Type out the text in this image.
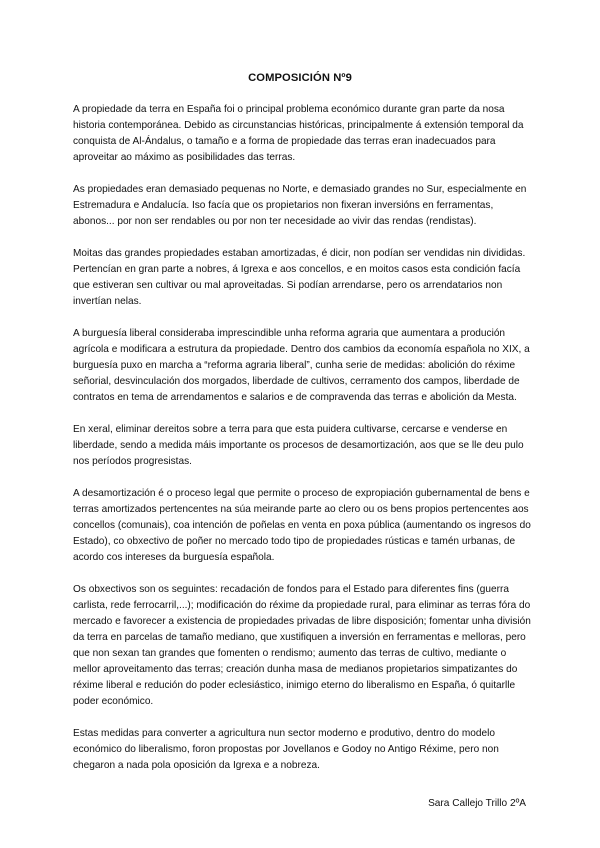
COMPOSICIÓN Nº9

A propiedade da terra en España foi o principal problema económico durante gran parte da nosa historia contemporánea. Debido as circunstancias históricas, principalmente á extensión temporal da conquista de Al-Ándalus, o tamaño e a forma de propiedade das terras eran inadecuados para aproveitar ao máximo as posibilidades das terras.

As propiedades eran demasiado pequenas no Norte, e demasiado grandes no Sur, especialmente en Estremadura e Andalucía. Iso facía que os propietarios non fixeran inversións en ferramentas, abonos... por non ser rendables ou por non ter necesidade ao vivir das rendas (rendistas).

Moitas das grandes propiedades estaban amortizadas, é dicir, non podían ser vendidas nin divididas. Pertencían en gran parte a nobres, á Igrexa e aos concellos, e en moitos casos esta condición facía que estiveran sen cultivar ou mal aproveitadas. Si podían arrendarse, pero os arrendatarios non invertían nelas.

A burguesía liberal consideraba imprescindible unha reforma agraria que aumentara a produción agrícola e modificara a estrutura da propiedade. Dentro dos cambios da economía española no XIX, a burguesía puxo en marcha a “reforma agraria liberal”, cunha serie de medidas: abolición do réxime señorial, desvinculación dos morgados, liberdade de cultivos, cerramento dos campos, liberdade de contratos en tema de arrendamentos e salarios e de compravenda das terras e abolición da Mesta.

En xeral, eliminar dereitos sobre a terra para que esta puidera cultivarse, cercarse e venderse en liberdade, sendo a medida máis importante os procesos de desamortización, aos que se lle deu pulo nos períodos progresistas.

A desamortización é o proceso legal que permite o proceso de expropiación gubernamental de bens e terras amortizados pertencentes na súa meirande parte ao clero ou os bens propios pertencentes aos concellos (comunais), coa intención de poñelas en venta en poxa pública (aumentando os ingresos do Estado), co obxectivo de poñer no mercado todo tipo de propiedades rústicas e tamén urbanas, de acordo cos intereses da burguesía española.

Os obxectivos son os seguintes: recadación de fondos para el Estado para diferentes fins (guerra carlista, rede ferrocarril,...); modificación do réxime da propiedade rural, para eliminar as terras fóra do mercado e favorecer a existencia de propiedades privadas de libre disposición; fomentar unha división da terra en parcelas de tamaño mediano, que xustifiquen a inversión en ferramentas e melloras, pero que non sexan tan grandes que fomenten o rendismo; aumento das terras de cultivo, mediante o mellor aproveitamento das terras; creación dunha masa de medianos propietarios simpatizantes do réxime liberal e redución do poder eclesiástico, inimigo eterno do liberalismo en España, ó quitarlle poder económico.

Estas medidas para converter a agricultura nun sector moderno e produtivo, dentro do modelo económico do liberalismo, foron propostas por Jovellanos e Godoy no Antigo Réxime, pero non chegaron a nada pola oposición da Igrexa e a nobreza.

Sara Callejo Trillo 2ºA
